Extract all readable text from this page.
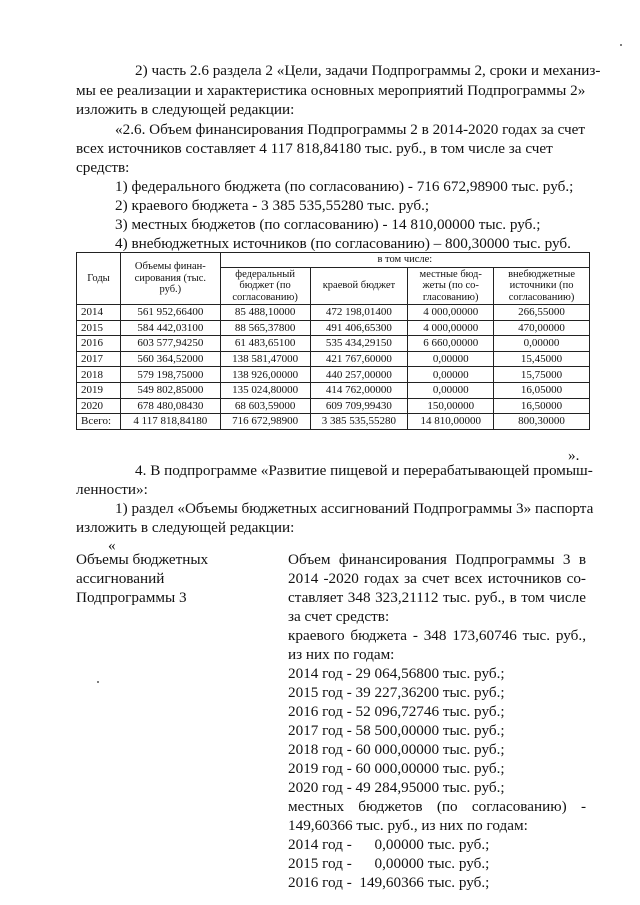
2) часть 2.6 раздела 2 «Цели, задачи Подпрограммы 2, сроки и механиз-
мы ее реализации и характеристика основных мероприятий Подпрограммы 2»
изложить в следующей редакции:
«2.6. Объем финансирования Подпрограммы 2 в 2014-2020 годах за счет
всех источников составляет 4 117 818,84180 тыс. руб., в том числе за счет
средств:
1) федерального бюджета (по согласованию) - 716 672,98900 тыс. руб.;
2) краевого бюджета - 3 385 535,55280 тыс. руб.;
3) местных бюджетов (по согласованию) - 14 810,00000 тыс. руб.;
4) внебюджетных источников (по согласованию) – 800,30000 тыс. руб.
Годы	Объемы финан-сирования (тыс. руб.)	в том числе:			
		федеральный бюджет (по согласованию)	краевой бюджет	местные бюд-жеты (по со-гласованию)	внебюджетные источники (по согласованию)
2014	561 952,66400	85 488,10000	472 198,01400	4 000,00000	266,55000
2015	584 442,03100	88 565,37800	491 406,65300	4 000,00000	470,00000
2016	603 577,94250	61 483,65100	535 434,29150	6 660,00000	0,00000
2017	560 364,52000	138 581,47000	421 767,60000	0,00000	15,45000
2018	579 198,75000	138 926,00000	440 257,00000	0,00000	15,75000
2019	549 802,85000	135 024,80000	414 762,00000	0,00000	16,05000
2020	678 480,08430	68 603,59000	609 709,99430	150,00000	16,50000
Всего:	4 117 818,84180	716 672,98900	3 385 535,55280	14 810,00000	800,30000
».
4. В подпрограмме «Развитие пищевой и перерабатывающей промыш-
ленности»:
1) раздел «Объемы бюджетных ассигнований Подпрограммы 3» паспорта
изложить в следующей редакции:
«
Объемы бюджетных
ассигнований
Подпрограммы 3
Объем финансирования Подпрограммы 3 в
2014 -2020 годах за счет всех источников со-
ставляет 348 323,21112 тыс. руб., в том числе
за счет средств:
краевого бюджета - 348 173,60746 тыс. руб.,
из них по годам:
2014 год - 29 064,56800 тыс. руб.;
2015 год - 39 227,36200 тыс. руб.;
2016 год - 52 096,72746 тыс. руб.;
2017 год - 58 500,00000 тыс. руб.;
2018 год - 60 000,00000 тыс. руб.;
2019 год - 60 000,00000 тыс. руб.;
2020 год - 49 284,95000 тыс. руб.;
местных бюджетов (по согласованию) -
149,60366 тыс. руб., из них по годам:
2014 год -      0,00000 тыс. руб.;
2015 год -      0,00000 тыс. руб.;
2016 год -  149,60366 тыс. руб.;
